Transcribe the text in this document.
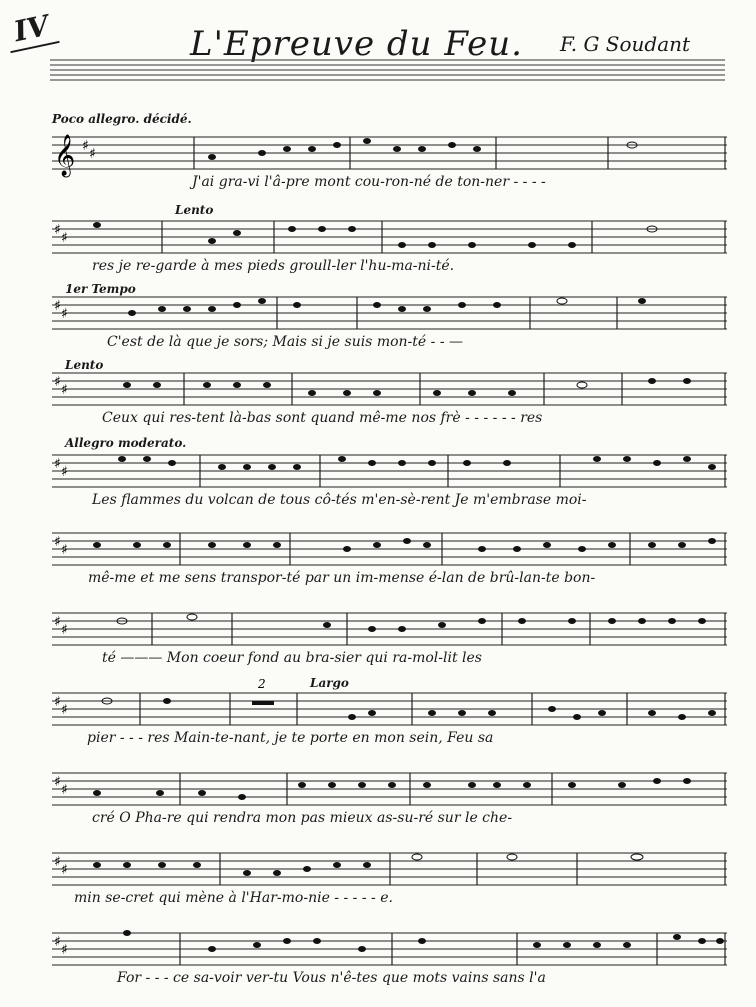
IV	L'Epreuve du Feu. F. G Soudant
Poco allegro. décidé.
𝄞 ♯ ♯
J'ai gra-vi l'â-pre mont cou-ron-né de ton-ner - - - -
Lento
♯ ♯
res je re-garde à mes pieds groull-ler l'hu-ma-ni-té.
1er Tempo
♯ ♯
C'est de là que je sors; Mais si je suis mon-té - - —
Lento
♯ ♯
Ceux qui res-tent là-bas sont quand mê-me nos frè - - - - - - res
Allegro moderato.
♯ ♯
Les flammes du volcan de tous cô-tés m'en-sè-rent Je m'embrase moi-
♯ ♯
mê-me et me sens transpor-té par un im-mense é-lan de brû-lan-te bon-
♯ ♯
té ——— Mon coeur fond au bra-sier qui ra-mol-lit les
Largo
♯ ♯
2
pier - - - res Main-te-nant, je te porte en mon sein, Feu sa
♯ ♯
cré O Pha-re qui rendra mon pas mieux as-su-ré sur le che-
♯ ♯
min se-cret qui mène à l'Har-mo-nie - - - - - e.
♯ ♯
For - - - ce sa-voir ver-tu Vous n'ê-tes que mots vains sans l'a
